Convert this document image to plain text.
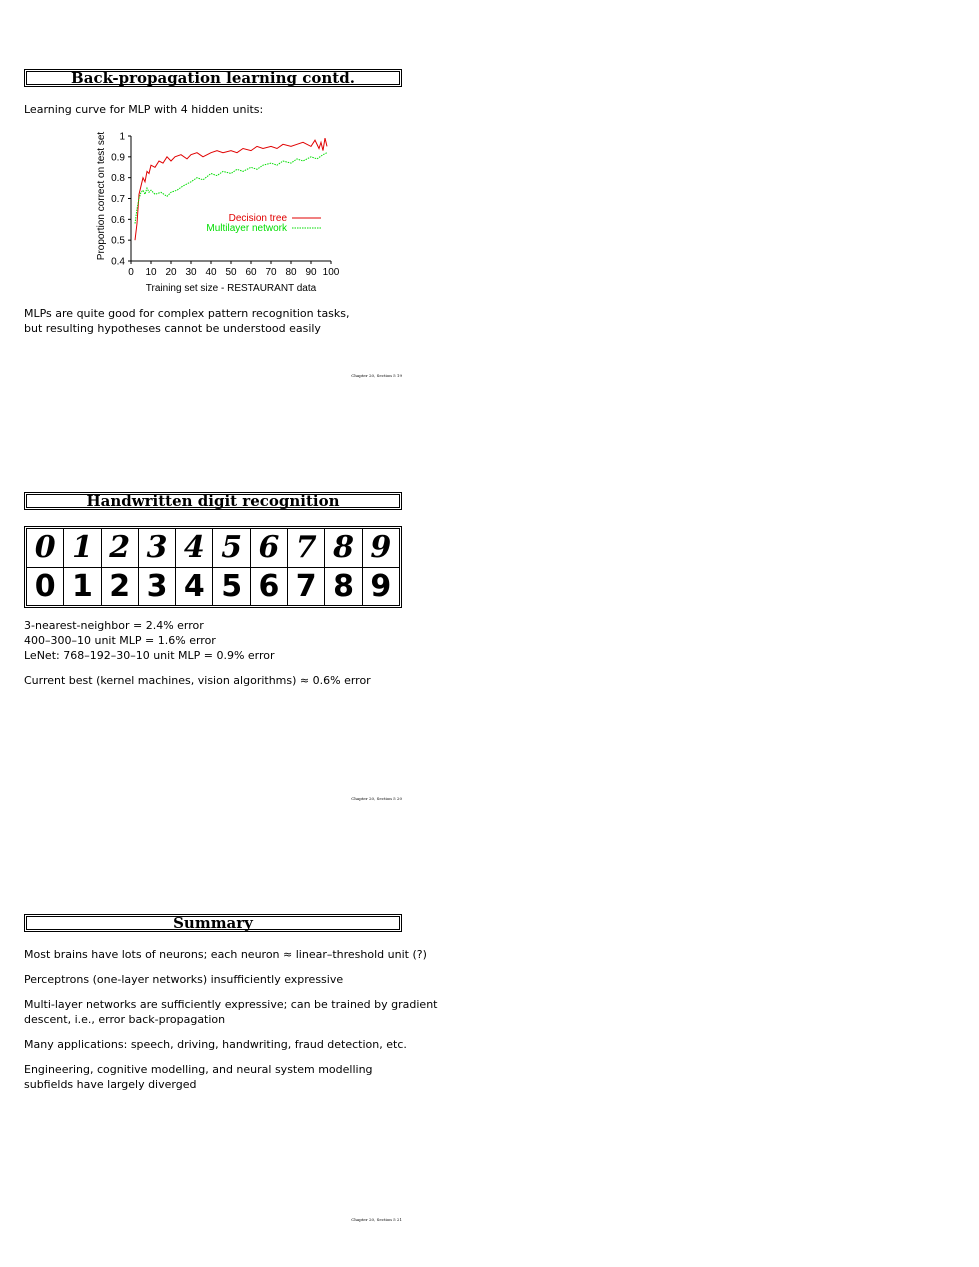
Back-propagation learning contd.
Learning curve for MLP with 4 hidden units:
0 10 20 30 40 50 60 70 80 90 100
0.4
0.5
0.6
0.7
0.8
0.9
1
Decision tree
Multilayer network
Training set size - RESTAURANT data
Proportion correct on test set
MLPs are quite good for complex pattern recognition tasks,
but resulting hypotheses cannot be understood easily
Chapter 20, Section 5 19
Handwritten digit recognition
0 1 2 3 4 5 6 7 8 9
0 1 2 3 4 5 6 7 8 9
3-nearest-neighbor = 2.4% error
400–300–10 unit MLP = 1.6% error
LeNet: 768–192–30–10 unit MLP = 0.9% error
Current best (kernel machines, vision algorithms) ≈ 0.6% error
Chapter 20, Section 5 20
Summary
Most brains have lots of neurons; each neuron ≈ linear–threshold unit (?)
Perceptrons (one-layer networks) insufficiently expressive
Multi-layer networks are sufficiently expressive; can be trained by gradient
descent, i.e., error back-propagation
Many applications: speech, driving, handwriting, fraud detection, etc.
Engineering, cognitive modelling, and neural system modelling
subfields have largely diverged
Chapter 20, Section 5 21
